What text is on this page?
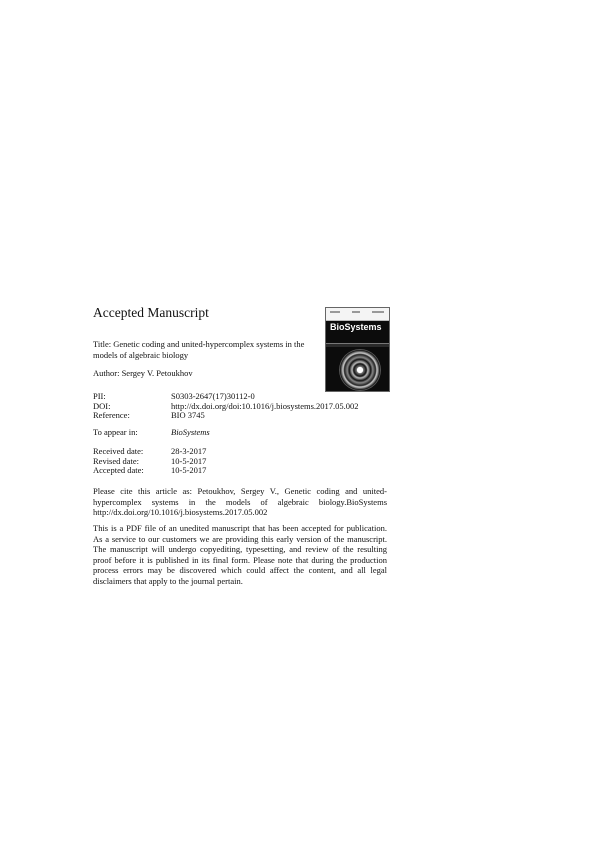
Accepted Manuscript
Title: Genetic coding and united-hypercomplex systems in the models of algebraic biology
Author: Sergey V. Petoukhov
BioSystems
PII:	S0303-2647(17)30112-0
DOI:	http://dx.doi.org/doi:10.1016/j.biosystems.2017.05.002
Reference:	BIO 3745
To appear in:	BioSystems
Received date:	28-3-2017
Revised date:	10-5-2017
Accepted date:	10-5-2017
Please cite this article as: Petoukhov, Sergey V., Genetic coding and united-hypercomplex systems in the models of algebraic biology.BioSystems http://dx.doi.org/10.1016/j.biosystems.2017.05.002
This is a PDF file of an unedited manuscript that has been accepted for publication. As a service to our customers we are providing this early version of the manuscript. The manuscript will undergo copyediting, typesetting, and review of the resulting proof before it is published in its final form. Please note that during the production process errors may be discovered which could affect the content, and all legal disclaimers that apply to the journal pertain.
